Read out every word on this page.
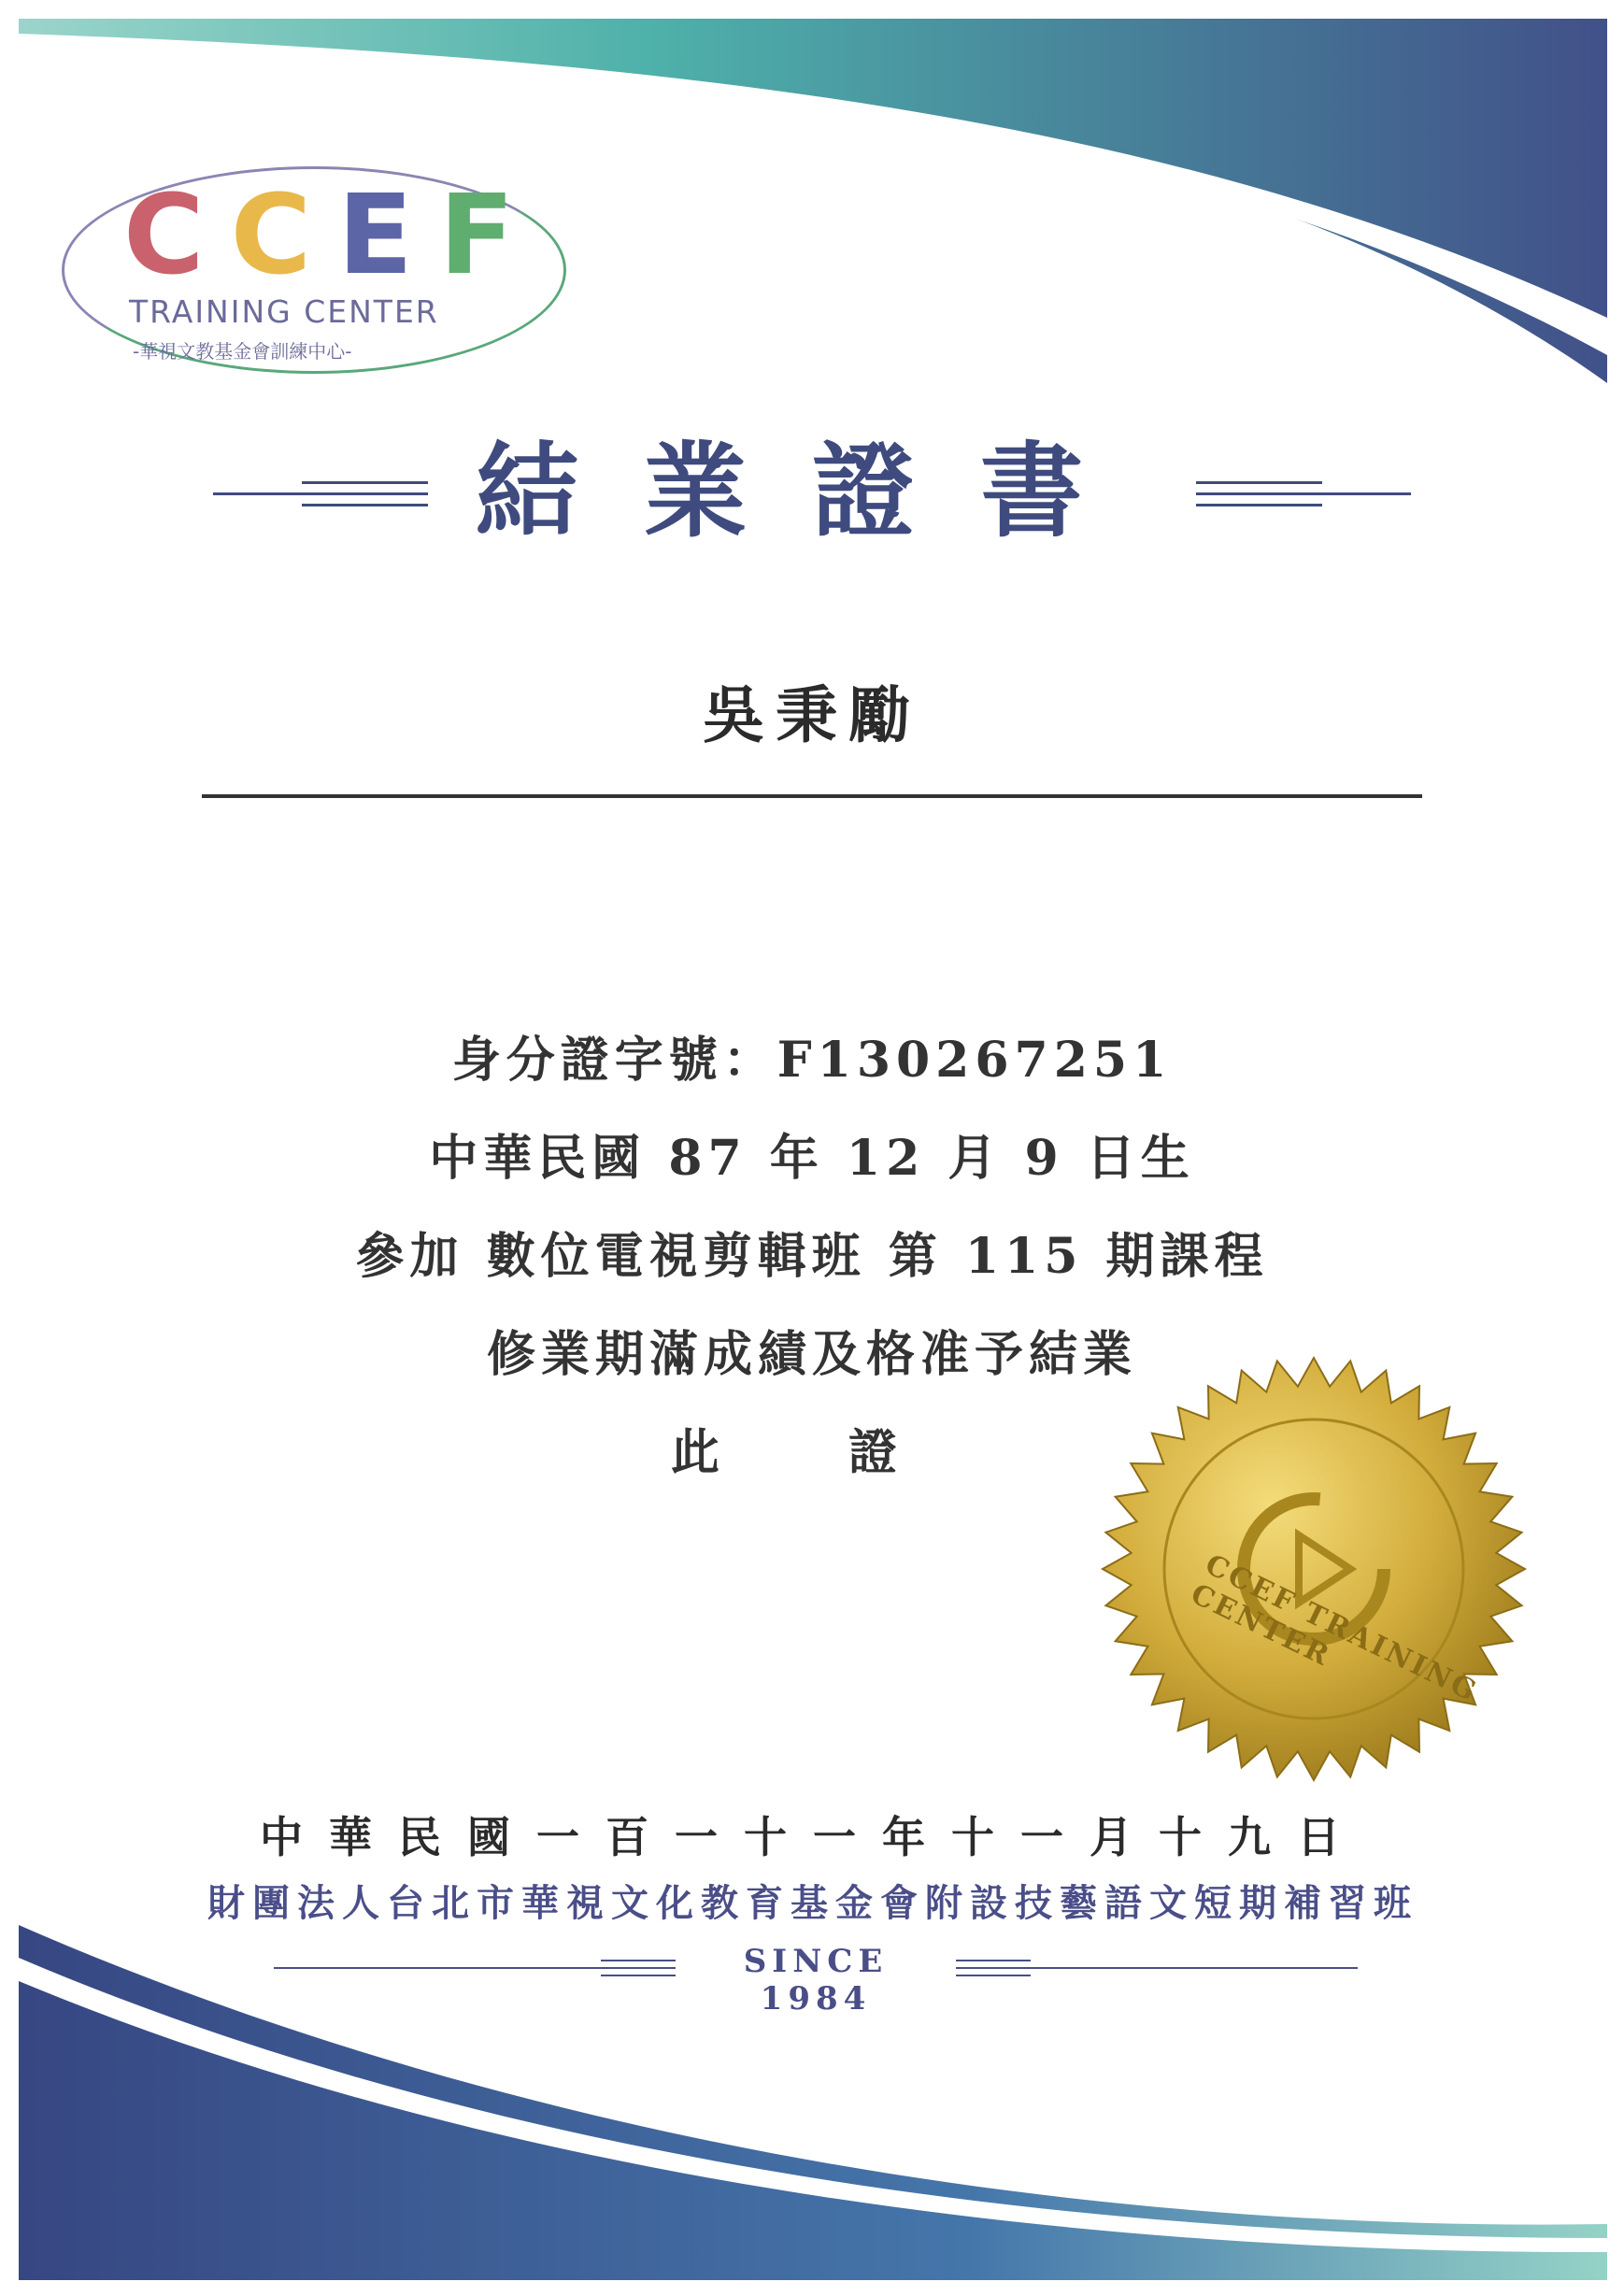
CCEF
TRAINING CENTER
-華視文教基金會訓練中心-
結業證書
吳秉勵
身分證字號：F130267251
中華民國 87 年 12 月 9 日生
參加 數位電視剪輯班 第 115 期課程
修業期滿成績及格准予結業
此 證
CCEF TRAINING CENTER
中華民國一百一十一年十一月十九日
財團法人台北市華視文化教育基金會附設技藝語文短期補習班
SINCE 1984
